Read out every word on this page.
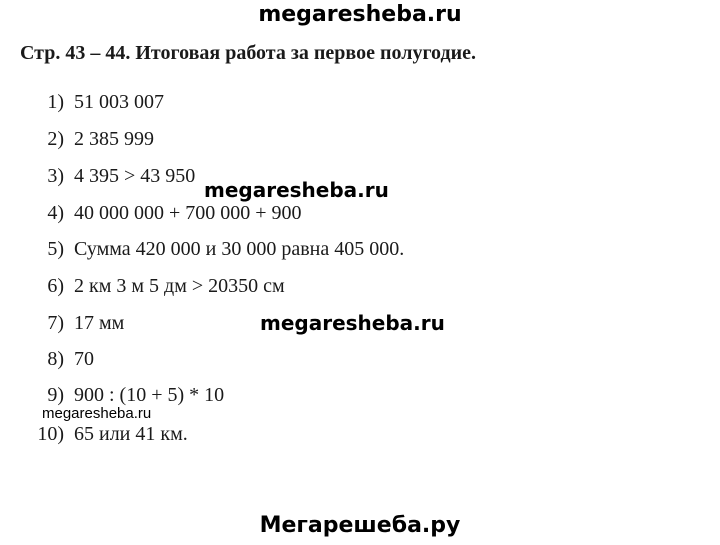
megaresheba.ru
Стр. 43 – 44. Итоговая работа за первое полугодие.
1) 51 003 007
2) 2 385 999
3) 4 395 > 43 950
4) 40 000 000 + 700 000 + 900
5) Сумма 420 000 и 30 000 равна 405 000.
6) 2 км 3 м 5 дм > 20350 см
7) 17 мм
8) 70
9) 900 : (10 + 5) * 10
10) 65 или 41 км.
megaresheba.ru
megaresheba.ru
megaresheba.ru
Мегарешеба.ру
